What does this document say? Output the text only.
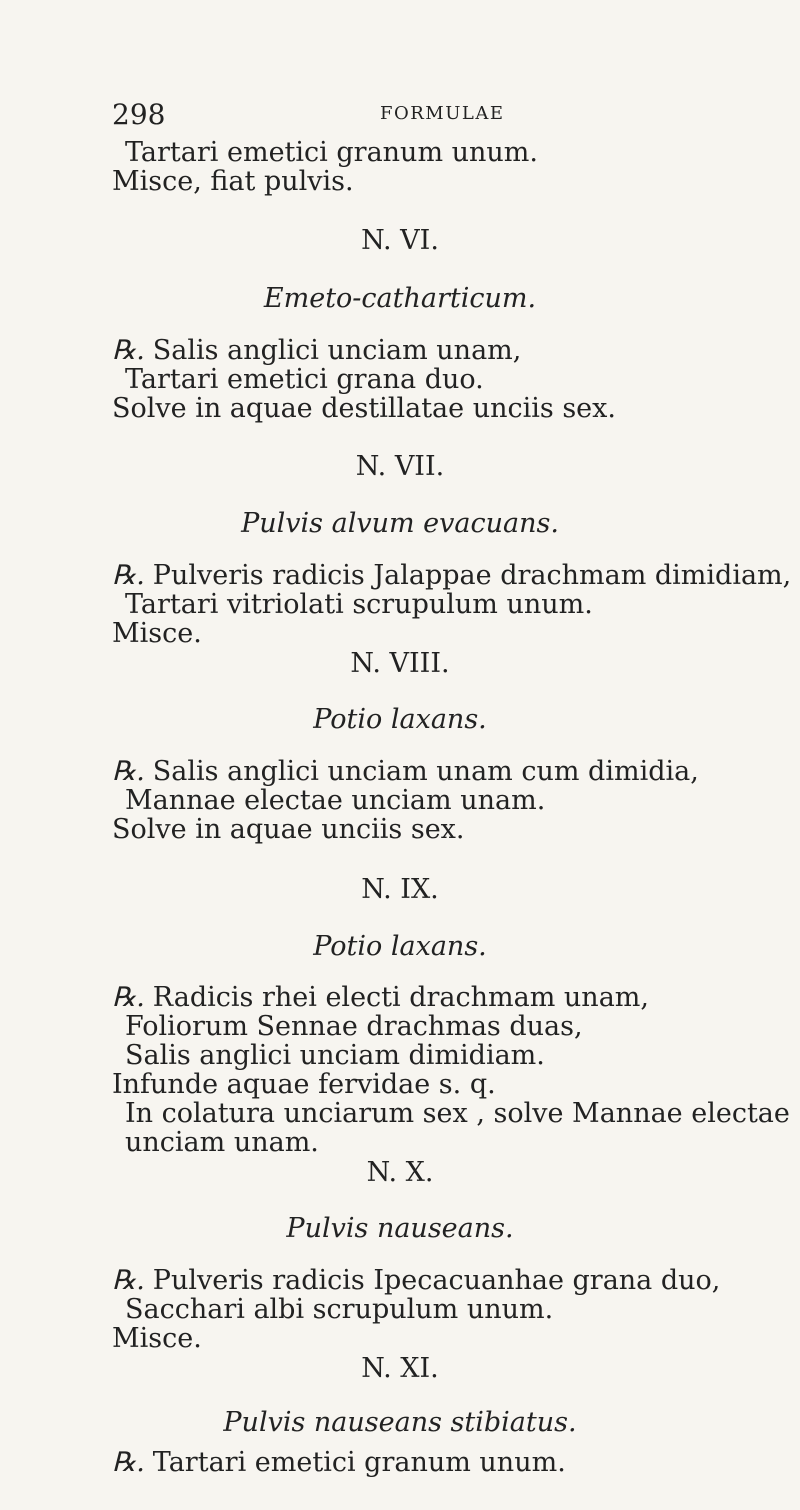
298	FORMULAE
Tartari emetici granum unum.
Misce, fiat pulvis.
N. VI.
Emeto-catharticum.
℞. Salis anglici unciam unam,
Tartari emetici grana duo.
Solve in aquae destillatae unciis sex.
N. VII.
Pulvis alvum evacuans.
℞. Pulveris radicis Jalappae drachmam dimidiam,
Tartari vitriolati scrupulum unum.
Misce.
N. VIII.
Potio laxans.
℞. Salis anglici unciam unam cum dimidia,
Mannae electae unciam unam.
Solve in aquae unciis sex.
N. IX.
Potio laxans.
℞. Radicis rhei electi drachmam unam,
Foliorum Sennae drachmas duas,
Salis anglici unciam dimidiam.
Infunde aquae fervidae s. q.
In colatura unciarum sex , solve Mannae electae
unciam unam.
N. X.
Pulvis nauseans.
℞. Pulveris radicis Ipecacuanhae grana duo,
Sacchari albi scrupulum unum.
Misce.
N. XI.
Pulvis nauseans stibiatus.
℞. Tartari emetici granum unum.
